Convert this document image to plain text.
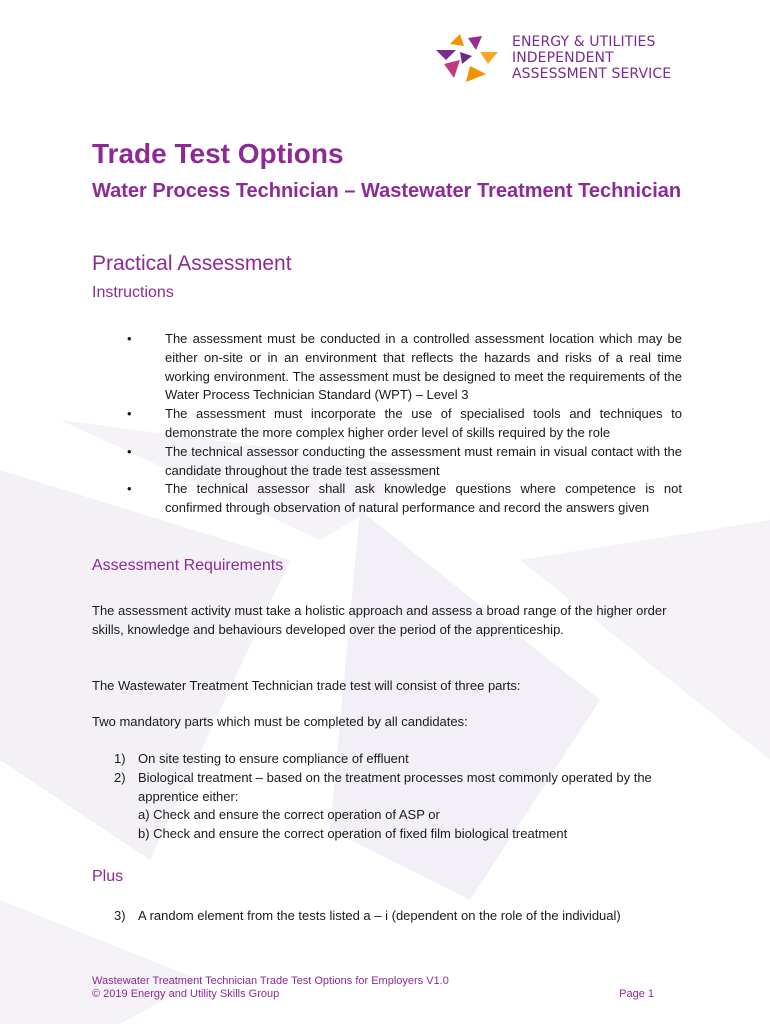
ENERGY & UTILITIES
INDEPENDENT
ASSESSMENT SERVICE
Trade Test Options
Water Process Technician – Wastewater Treatment Technician
Practical Assessment
Instructions
•	The assessment must be conducted in a controlled assessment location which may be either on-site or in an environment that reflects the hazards and risks of a real time working environment. The assessment must be designed to meet the requirements of the Water Process Technician Standard (WPT) – Level 3
•	The assessment must incorporate the use of specialised tools and techniques to demonstrate the more complex higher order level of skills required by the role
•	The technical assessor conducting the assessment must remain in visual contact with the candidate throughout the trade test assessment
•	The technical assessor shall ask knowledge questions where competence is not confirmed through observation of natural performance and record the answers given
Assessment Requirements

The assessment activity must take a holistic approach and assess a broad range of the higher order skills, knowledge and behaviours developed over the period of the apprenticeship.

The Wastewater Treatment Technician trade test will consist of three parts:

Two mandatory parts which must be completed by all candidates:

1) On site testing to ensure compliance of effluent
2) Biological treatment – based on the treatment processes most commonly operated by the apprentice either:
a) Check and ensure the correct operation of ASP or
b) Check and ensure the correct operation of fixed film biological treatment
Plus
3) A random element from the tests listed a – i (dependent on the role of the individual)
Wastewater Treatment Technician Trade Test Options for Employers V1.0
© 2019 Energy and Utility Skills Group	Page 1
